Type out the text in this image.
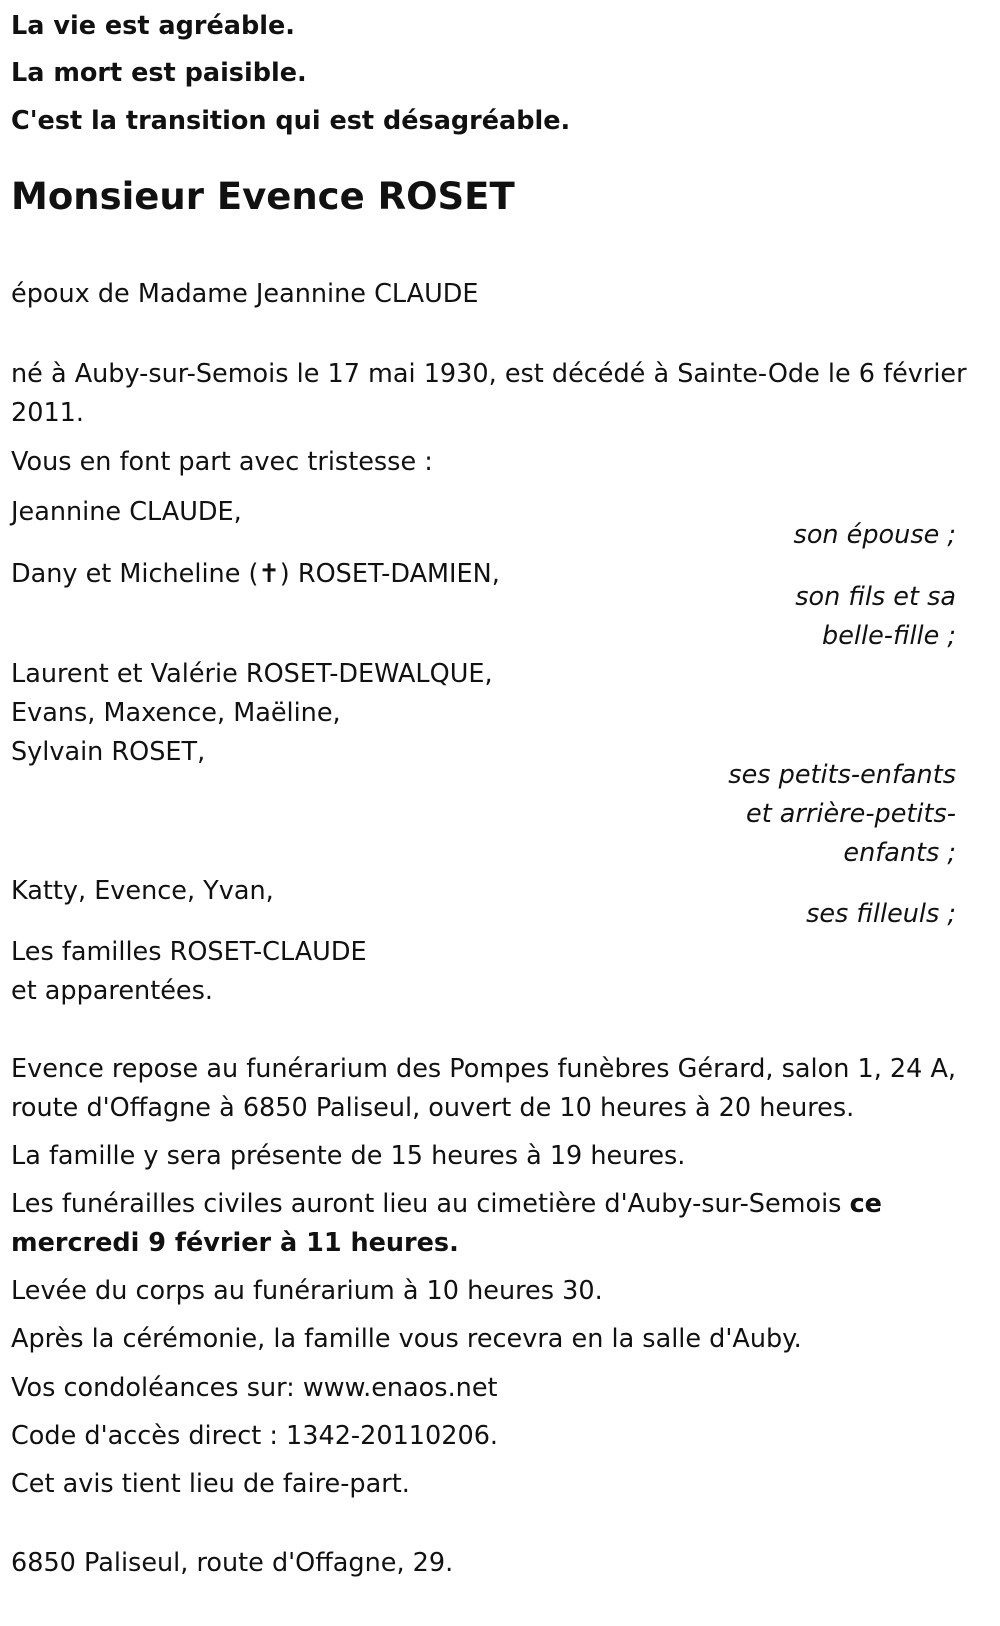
La vie est agréable.
La mort est paisible.
C'est la transition qui est désagréable.
Monsieur Evence ROSET
époux de Madame Jeannine CLAUDE
né à Auby-sur-Semois le 17 mai 1930, est décédé à Sainte-Ode le 6 février
2011.
Vous en font part avec tristesse :
Jeannine CLAUDE,
son épouse ;
Dany et Micheline (✝) ROSET-DAMIEN,
son fils et sa
belle-fille ;
Laurent et Valérie ROSET-DEWALQUE,
Evans, Maxence, Maëline,
Sylvain ROSET,
ses petits-enfants
et arrière-petits-
enfants ;
Katty, Evence, Yvan,
ses filleuls ;
Les familles ROSET-CLAUDE
et apparentées.
Evence repose au funérarium des Pompes funèbres Gérard, salon 1, 24 A,
route d'Offagne à 6850 Paliseul, ouvert de 10 heures à 20 heures.
La famille y sera présente de 15 heures à 19 heures.
Les funérailles civiles auront lieu au cimetière d'Auby-sur-Semois ce
mercredi 9 février à 11 heures.
Levée du corps au funérarium à 10 heures 30.
Après la cérémonie, la famille vous recevra en la salle d'Auby.
Vos condoléances sur: www.enaos.net
Code d'accès direct : 1342-20110206.
Cet avis tient lieu de faire-part.
6850 Paliseul, route d'Offagne, 29.
